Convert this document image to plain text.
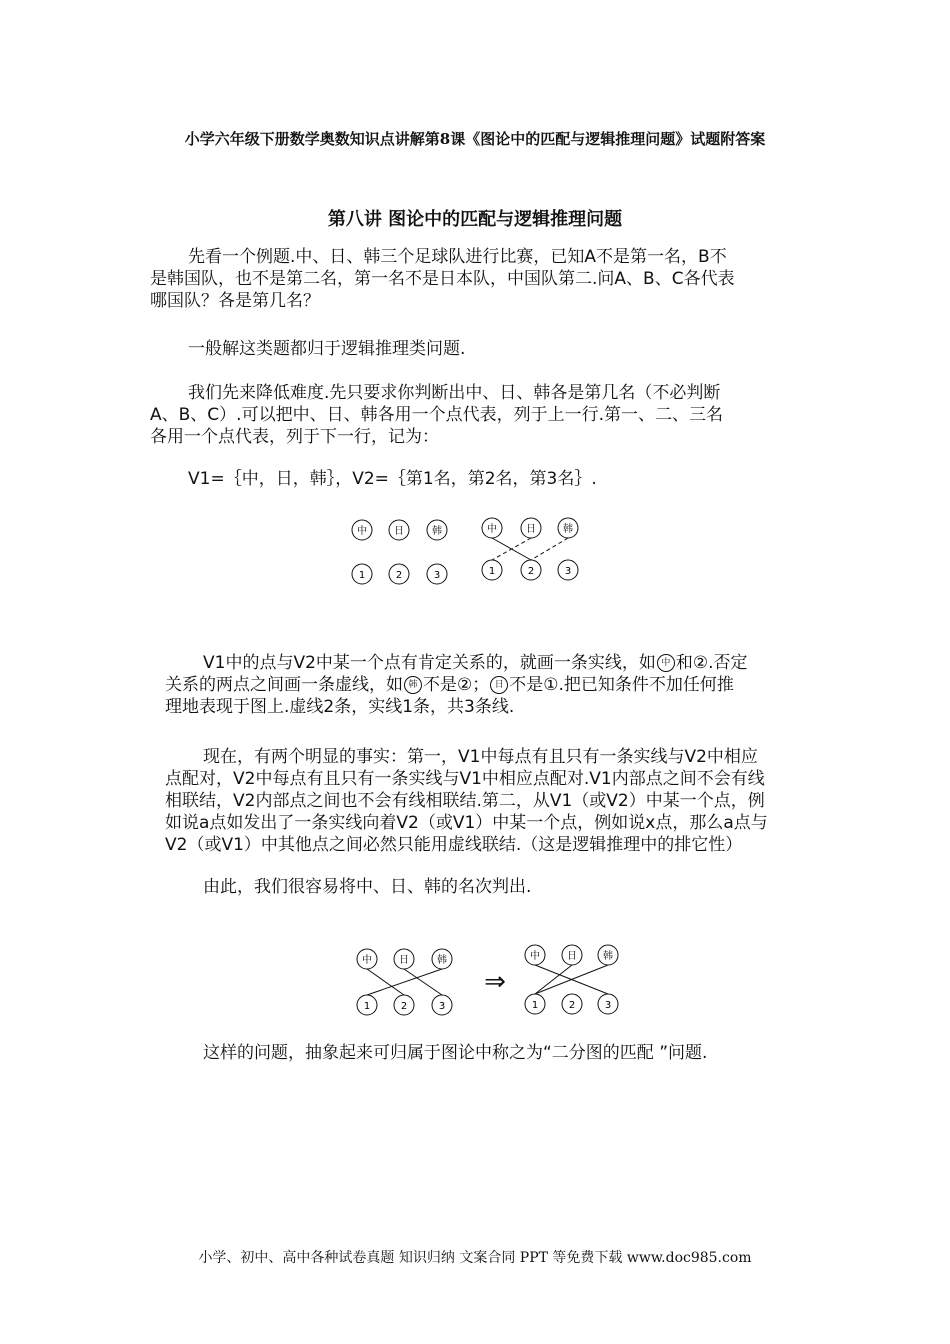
小学六年级下册数学奥数知识点讲解第8课《图论中的匹配与逻辑推理问题》试题附答案
第八讲 图论中的匹配与逻辑推理问题

先看一个例题.中、日、韩三个足球队进行比赛，已知A不是第一名，B不
是韩国队，也不是第二名，第一名不是日本队，中国队第二.问A、B、C各代表
哪国队？各是第几名？

一般解这类题都归于逻辑推理类问题.

我们先来降低难度.先只要求你判断出中、日、韩各是第几名（不必判断
A、B、C）.可以把中、日、韩各用一个点代表，列于上一行.第一、二、三名
各用一个点代表，列于下一行，记为：

V1=｛中，日，韩｝，V2=｛第1名，第2名，第3名｝.

中	日	韩
1	2	3
中	日	韩
1	2	3

V1中的点与V2中某一个点有肯定关系的，就画一条实线，如 中 和②.否定
关系的两点之间画一条虚线，如 韩 不是②； 日 不是①.把已知条件不加任何推
理地表现于图上.虚线2条，实线1条，共3条线.

现在，有两个明显的事实：第一，V1中每点有且只有一条实线与V2中相应
点配对，V2中每点有且只有一条实线与V1中相应点配对.V1内部点之间不会有线
相联结，V2内部点之间也不会有线相联结.第二，从V1（或V2）中某一个点，例
如说a点如发出了一条实线向着V2（或V1）中某一个点，例如说x点，那么a点与
V2（或V1）中其他点之间必然只能用虚线联结.（这是逻辑推理中的排它性）

由此，我们很容易将中、日、韩的名次判出.

中	日	韩
1	2	3
⇒
中	日	韩
1	2	3

这样的问题，抽象起来可归属于图论中称之为“二分图的匹配 ”问题.

小学、初中、高中各种试卷真题 知识归纳 文案合同 PPT 等免费下载 www.doc985.com
